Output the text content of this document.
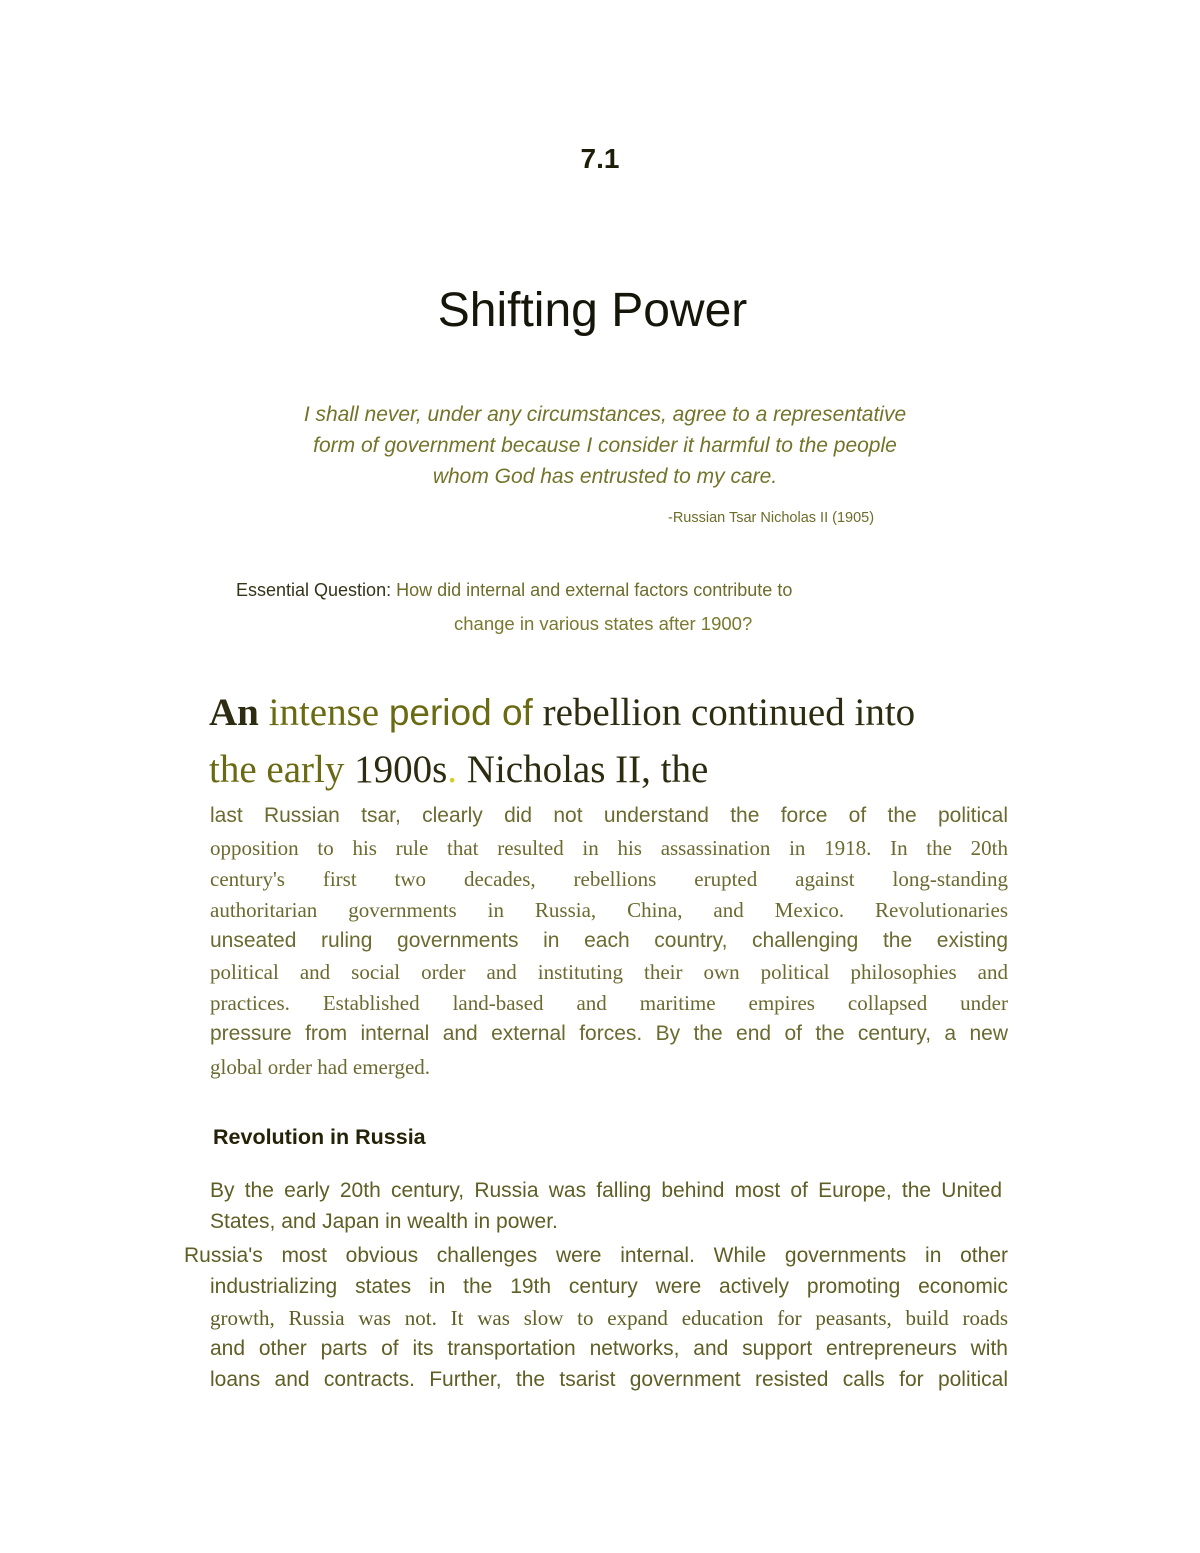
7.1
Shifting Power
I shall never, under any circumstances, agree to a representative
form of government because I consider it harmful to the people
whom God has entrusted to my care.
-Russian Tsar Nicholas II (1905)
Essential Question: How did internal and external factors contribute to
change in various states after 1900?
An intense period of rebellion continued into
the early 1900s. Nicholas II, the
last Russian tsar, clearly did not understand the force of the political
opposition to his rule that resulted in his assassination in 1918. In the 20th
century's first two decades, rebellions erupted against long-standing
authoritarian governments in Russia, China, and Mexico. Revolutionaries
unseated ruling governments in each country, challenging the existing
political and social order and instituting their own political philosophies and
practices. Established land-based and maritime empires collapsed under
pressure from internal and external forces. By the end of the century, a new
global order had emerged.
Revolution in Russia
By the early 20th century, Russia was falling behind most of Europe, the United
States, and Japan in wealth in power.
Russia's most obvious challenges were internal. While governments in other
industrializing states in the 19th century were actively promoting economic
growth, Russia was not. It was slow to expand education for peasants, build roads
and other parts of its transportation networks, and support entrepreneurs with
loans and contracts. Further, the tsarist government resisted calls for political
